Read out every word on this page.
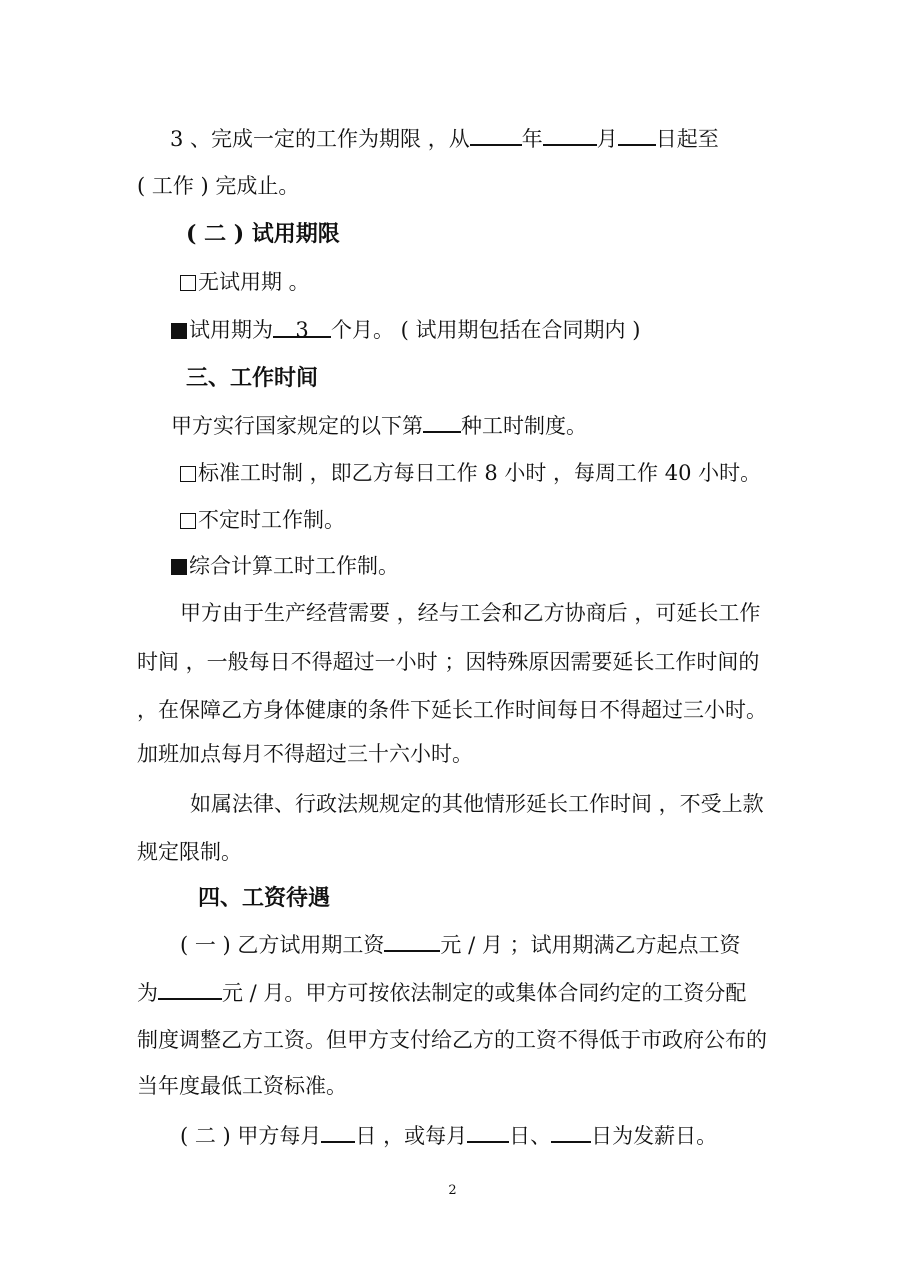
3 、完成一定的工作为期限 ，从 年	月 日起至
( 工作 ) 完成止。
( 二 ) 试用期限
无试用期 。
试用期为 3 个月。 ( 试用期包括在合同期内 )
三、工作时间
甲方实行国家规定的以下第 种工时制度。
标准工时制 ，即乙方每日工作 8 小时 ，每周工作 40 小时。
不定时工作制。
综合计算工时工作制。
甲方由于生产经营需要 ，经与工会和乙方协商后 ，可延长工作
时间 ，一般每日不得超过一小时 ；因特殊原因需要延长工作时间的
，在保障乙方身体健康的条件下延长工作时间每日不得超过三小时。
加班加点每月不得超过三十六小时。
如属法律、行政法规规定的其他情形延长工作时间 ，不受上款
规定限制。
四、工资待遇
( 一 ) 乙方试用期工资	元 / 月 ；试用期满乙方起点工资
为	元 / 月。甲方可按依法制定的或集体合同约定的工资分配
制度调整乙方工资。但甲方支付给乙方的工资不得低于市政府公布的
当年度最低工资标准。
( 二 ) 甲方每月 日 ，或每月 日、 日为发薪日。
2
